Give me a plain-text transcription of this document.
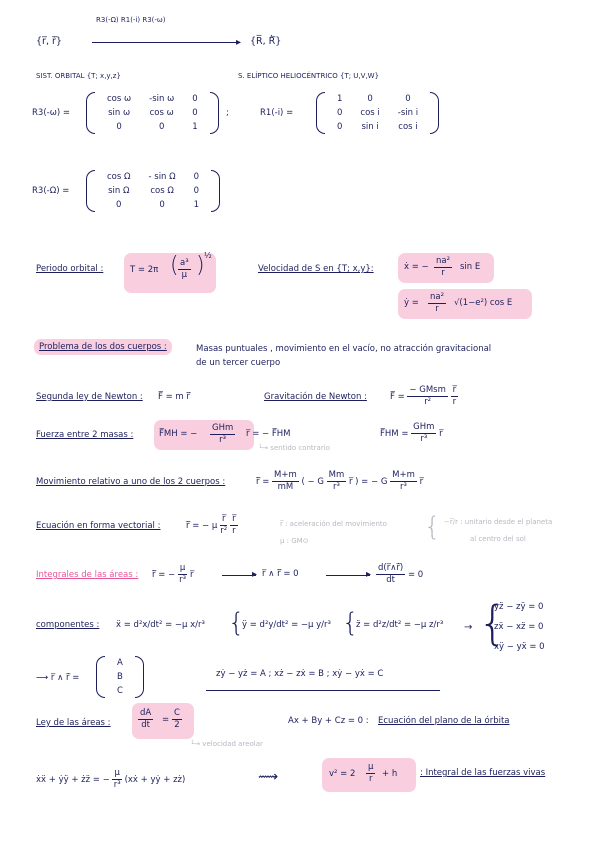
{r̅, r̅̇}
R3(-Ω) R1(-i) R3(-ω)
▸ {R̅, Ṙ̅}
SIST. ORBITAL {T; x,y,z}	S. ELÍPTICO HELIOCÉNTRICO {T; U,V,W}
R3(-ω) =
cos ω	-sin ω	0
sin ω	cos ω	0
0	0	1
;	R1(-i) =
1	0	0
0	cos i	-sin i
0	sin i	cos i
R3(-Ω) =
cos Ω	- sin Ω	0
sin Ω	cos Ω	0
0	0	1
Periodo orbital :	T = 2π ( $\frac{\text{a³}}{\mu}$ ) ½
Velocidad de S en {T; x,y}:	ẋ = − $\frac{\text{na²}}{r}$ sin E
ẏ = $\frac{\text{na²}}{r} √(1-e^2)$ cos E
Problema de los dos cuerpos :	Masas puntuales , movimiento en el vacío, no atracción gravitacional
de un tercer cuerpo
Segunda ley de Newton : F̅ = m r̅̈	Gravitación de Newton :	F̅ = $\frac{\text{− GMsm}}{\text{r²}}$
$\frac{r̅}{r}$
Fuerza entre 2 masas :	F̅MH = −
GHm
r³
r̅ = − F̅HM
└→ sentido contrario
F̅HM = $\frac{\text{GHm}}{\text{r³}}$ r̅
Movimiento relativo a uno de los 2 cuerpos :	r̅̈ = $\frac{M+m}{mM}$ ( − G $\frac{Mm}{\text{r³}}$ r̅ ) = − G $\frac{M+m}{\text{r³}}$ r̅
Ecuación en forma vectorial :	r̅̈ = − μ $\frac{r̅}{\text{r²}}$
$\frac{r̅}{r}$	r̅ : aceleración del movimiento
μ : GM⊙	{ −r̅/r : unitario desde el planeta
al centro del sol
Integrales de las áreas : r̅̈ = − $\frac{\mu}{\text{r³}}$ r̅	▸ r̅ ∧ r̅̈ = 0	▸ $\frac{d(r̅\wedge r̅̇)}{dt} = 0$
componentes : ẍ = d²x/dt² = −μ x/r³ {
ÿ = d²y/dt² = −μ y/r³ {
z̈ = d²z/dt² = −μ z/r³ → {
yz̈ − zÿ = 0
zẍ − xz̈ = 0
xÿ − yẍ = 0
⟶ r̅ ∧ r̅̇ =
A
B
C
zẏ − yż = A ; xż − zẋ = B ; xẏ − yẋ = C
Ley de las áreas :	$\frac{dA}{dt} = \frac{C}{2}$
└→ velocidad areolar
Ax + By + Cz = 0 : Ecuación del plano de la órbita
ẋẍ + ẏÿ + żz̈ = − $\frac{\mu}{\text{r³}}$ (xẋ + yẏ + zż)	⟿	$v^2 = 2 \frac{\mu}{r} + h$	: Integral de las fuerzas vivas
